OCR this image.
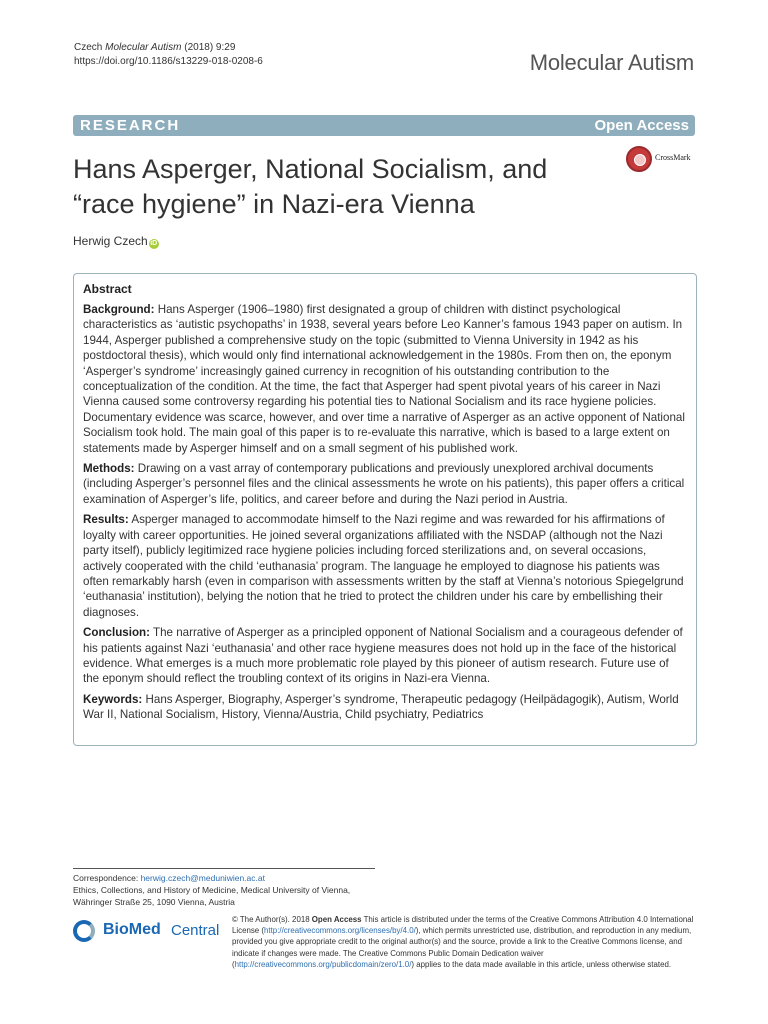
Czech Molecular Autism (2018) 9:29
https://doi.org/10.1186/s13229-018-0208-6	Molecular Autism
RESEARCH	Open Access
Hans Asperger, National Socialism, and
“race hygiene” in Nazi-era Vienna
CrossMark
Herwig Czech iD
Abstract

Background: Hans Asperger (1906–1980) first designated a group of children with distinct psychological characteristics as ‘autistic psychopaths’ in 1938, several years before Leo Kanner’s famous 1943 paper on autism. In 1944, Asperger published a comprehensive study on the topic (submitted to Vienna University in 1942 as his postdoctoral thesis), which would only find international acknowledgement in the 1980s. From then on, the eponym ‘Asperger’s syndrome’ increasingly gained currency in recognition of his outstanding contribution to the conceptualization of the condition. At the time, the fact that Asperger had spent pivotal years of his career in Nazi Vienna caused some controversy regarding his potential ties to National Socialism and its race hygiene policies. Documentary evidence was scarce, however, and over time a narrative of Asperger as an active opponent of National Socialism took hold. The main goal of this paper is to re-evaluate this narrative, which is based to a large extent on statements made by Asperger himself and on a small segment of his published work.

Methods: Drawing on a vast array of contemporary publications and previously unexplored archival documents (including Asperger’s personnel files and the clinical assessments he wrote on his patients), this paper offers a critical examination of Asperger’s life, politics, and career before and during the Nazi period in Austria.

Results: Asperger managed to accommodate himself to the Nazi regime and was rewarded for his affirmations of loyalty with career opportunities. He joined several organizations affiliated with the NSDAP (although not the Nazi party itself), publicly legitimized race hygiene policies including forced sterilizations and, on several occasions, actively cooperated with the child ‘euthanasia’ program. The language he employed to diagnose his patients was often remarkably harsh (even in comparison with assessments written by the staff at Vienna’s notorious Spiegelgrund ‘euthanasia’ institution), belying the notion that he tried to protect the children under his care by embellishing their diagnoses.

Conclusion: The narrative of Asperger as a principled opponent of National Socialism and a courageous defender of his patients against Nazi ‘euthanasia’ and other race hygiene measures does not hold up in the face of the historical evidence. What emerges is a much more problematic role played by this pioneer of autism research. Future use of the eponym should reflect the troubling context of its origins in Nazi-era Vienna.

Keywords: Hans Asperger, Biography, Asperger’s syndrome, Therapeutic pedagogy (Heilpädagogik), Autism, World War II, National Socialism, History, Vienna/Austria, Child psychiatry, Pediatrics

Correspondence: herwig.czech@meduniwien.ac.at
Ethics, Collections, and History of Medicine, Medical University of Vienna,
Währinger Straße 25, 1090 Vienna, Austria
BioMed Central
© The Author(s). 2018 Open Access This article is distributed under the terms of the Creative Commons Attribution 4.0 International License (http://creativecommons.org/licenses/by/4.0/), which permits unrestricted use, distribution, and reproduction in any medium, provided you give appropriate credit to the original author(s) and the source, provide a link to the Creative Commons license, and indicate if changes were made. The Creative Commons Public Domain Dedication waiver (http://creativecommons.org/publicdomain/zero/1.0/) applies to the data made available in this article, unless otherwise stated.
